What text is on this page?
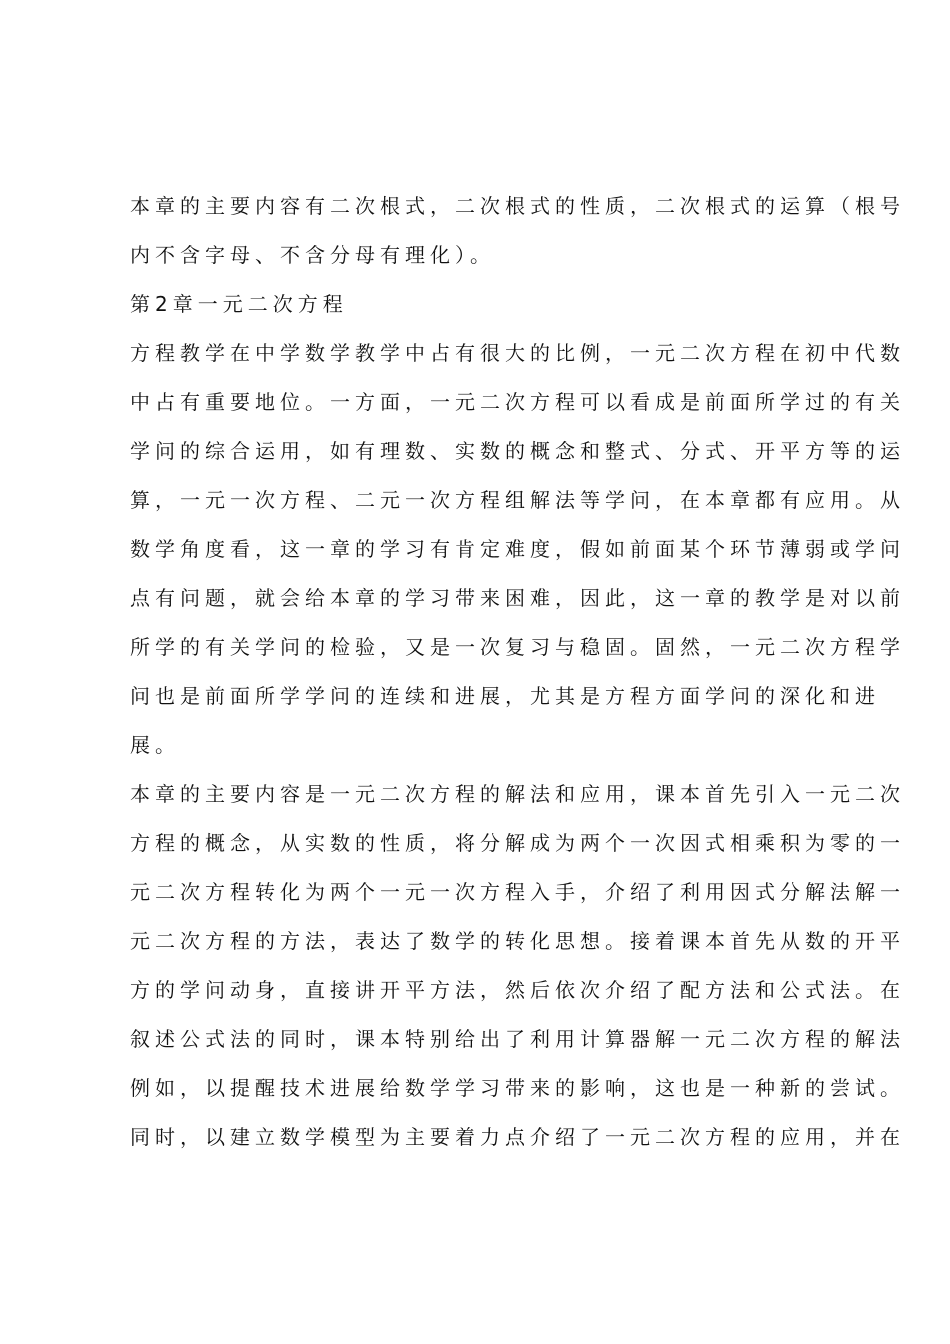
本章的主要内容有二次根式，二次根式的性质，二次根式的运算（根号
内不含字母、不含分母有理化）。

第2章一元二次方程

方程教学在中学数学教学中占有很大的比例，一元二次方程在初中代数
中占有重要地位。一方面，一元二次方程可以看成是前面所学过的有关
学问的综合运用，如有理数、实数的概念和整式、分式、开平方等的运
算，一元一次方程、二元一次方程组解法等学问，在本章都有应用。从
数学角度看，这一章的学习有肯定难度，假如前面某个环节薄弱或学问
点有问题，就会给本章的学习带来困难，因此，这一章的教学是对以前
所学的有关学问的检验，又是一次复习与稳固。固然，一元二次方程学
问也是前面所学学问的连续和进展，尤其是方程方面学问的深化和进
展。

本章的主要内容是一元二次方程的解法和应用，课本首先引入一元二次
方程的概念，从实数的性质，将分解成为两个一次因式相乘积为零的一
元二次方程转化为两个一元一次方程入手，介绍了利用因式分解法解一
元二次方程的方法，表达了数学的转化思想。接着课本首先从数的开平
方的学问动身，直接讲开平方法，然后依次介绍了配方法和公式法。在
叙述公式法的同时，课本特别给出了利用计算器解一元二次方程的解法
例如，以提醒技术进展给数学学习带来的影响，这也是一种新的尝试。
同时，以建立数学模型为主要着力点介绍了一元二次方程的应用，并在
